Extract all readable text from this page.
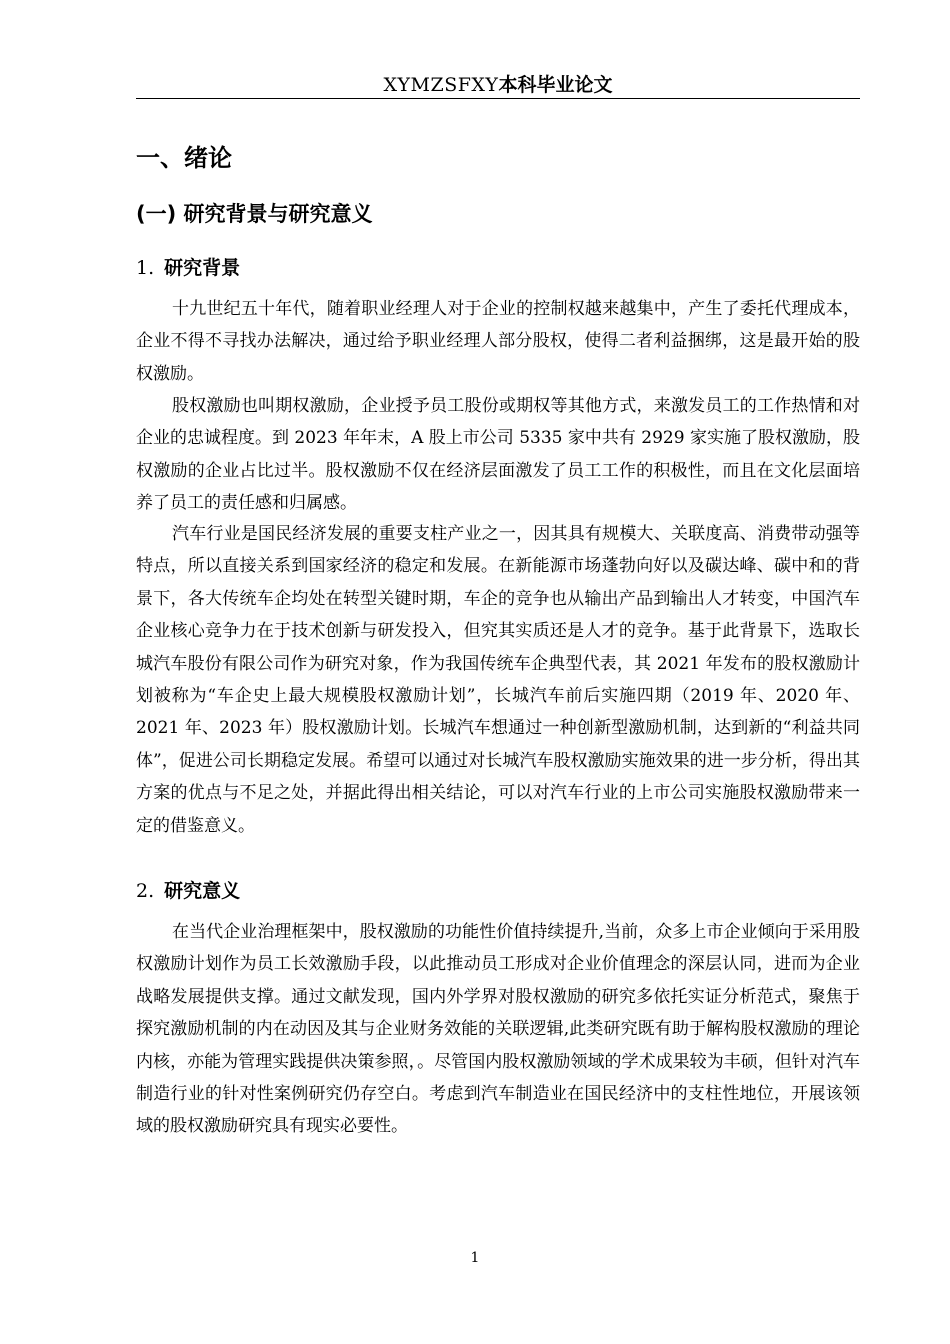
XYMZSFXY本科毕业论文
一、绪论
(一) 研究背景与研究意义
1. 研究背景

十九世纪五十年代，随着职业经理人对于企业的控制权越来越集中，产生了委托代理成本，企业不得不寻找办法解决，通过给予职业经理人部分股权，使得二者利益捆绑，这是最开始的股权激励。

股权激励也叫期权激励，企业授予员工股份或期权等其他方式，来激发员工的工作热情和对企业的忠诚程度。到 2023 年年末，A 股上市公司 5335 家中共有 2929 家实施了股权激励，股权激励的企业占比过半。股权激励不仅在经济层面激发了员工工作的积极性，而且在文化层面培养了员工的责任感和归属感。

汽车行业是国民经济发展的重要支柱产业之一，因其具有规模大、关联度高、消费带动强等特点，所以直接关系到国家经济的稳定和发展。在新能源市场蓬勃向好以及碳达峰、碳中和的背景下，各大传统车企均处在转型关键时期，车企的竞争也从输出产品到输出人才转变，中国汽车企业核心竞争力在于技术创新与研发投入，但究其实质还是人才的竞争。基于此背景下，选取长城汽车股份有限公司作为研究对象，作为我国传统车企典型代表，其 2021 年发布的股权激励计划被称为“车企史上最大规模股权激励计划”，长城汽车前后实施四期（2019 年、2020 年、2021 年、2023 年）股权激励计划。长城汽车想通过一种创新型激励机制，达到新的“利益共同体”，促进公司长期稳定发展。希望可以通过对长城汽车股权激励实施效果的进一步分析，得出其方案的优点与不足之处，并据此得出相关结论，可以对汽车行业的上市公司实施股权激励带来一定的借鉴意义。

2. 研究意义

在当代企业治理框架中，股权激励的功能性价值持续提升,当前，众多上市企业倾向于采用股权激励计划作为员工长效激励手段，以此推动员工形成对企业价值理念的深层认同，进而为企业战略发展提供支撑。通过文献发现，国内外学界对股权激励的研究多依托实证分析范式，聚焦于探究激励机制的内在动因及其与企业财务效能的关联逻辑,此类研究既有助于解构股权激励的理论内核，亦能为管理实践提供决策参照，。尽管国内股权激励领域的学术成果较为丰硕，但针对汽车制造行业的针对性案例研究仍存空白。考虑到汽车制造业在国民经济中的支柱性地位，开展该领域的股权激励研究具有现实必要性。

1
